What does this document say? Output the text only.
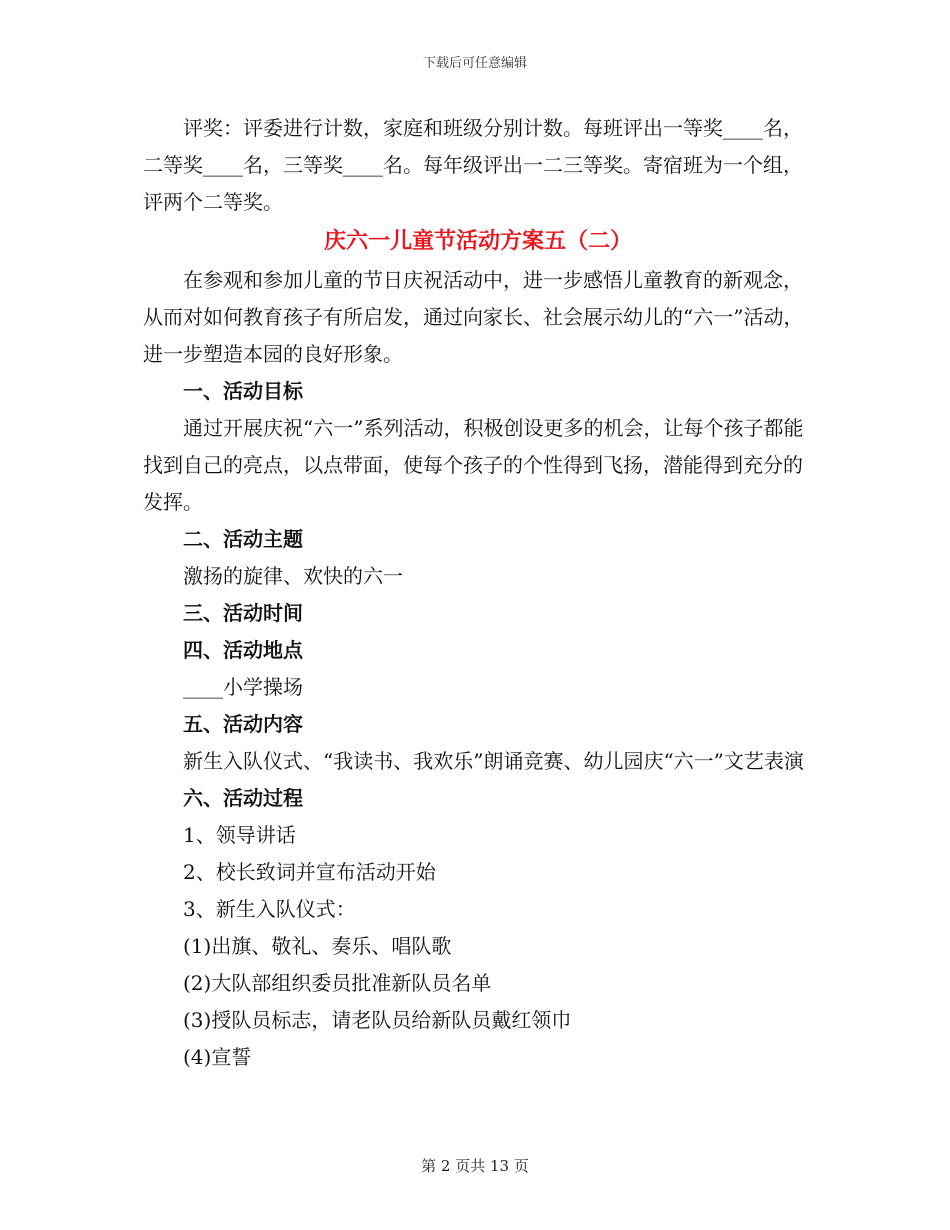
下载后可任意编辑

评奖：评委进行计数，家庭和班级分别计数。每班评出一等奖____名，二等奖____名，三等奖____名。每年级评出一二三等奖。寄宿班为一个组，评两个二等奖。

庆六一儿童节活动方案五（二）

在参观和参加儿童的节日庆祝活动中，进一步感悟儿童教育的新观念，从而对如何教育孩子有所启发，通过向家长、社会展示幼儿的“六一”活动，进一步塑造本园的良好形象。

一、活动目标

通过开展庆祝“六一”系列活动，积极创设更多的机会，让每个孩子都能找到自己的亮点，以点带面，使每个孩子的个性得到飞扬，潜能得到充分的发挥。

二、活动主题

激扬的旋律、欢快的六一

三、活动时间

四、活动地点

____小学操场

五、活动内容

新生入队仪式、“我读书、我欢乐”朗诵竞赛、幼儿园庆“六一”文艺表演

六、活动过程

1、领导讲话

2、校长致词并宣布活动开始

3、新生入队仪式：

(1)出旗、敬礼、奏乐、唱队歌

(2)大队部组织委员批准新队员名单

(3)授队员标志，请老队员给新队员戴红领巾

(4)宣誓

第 2 页共 13 页
